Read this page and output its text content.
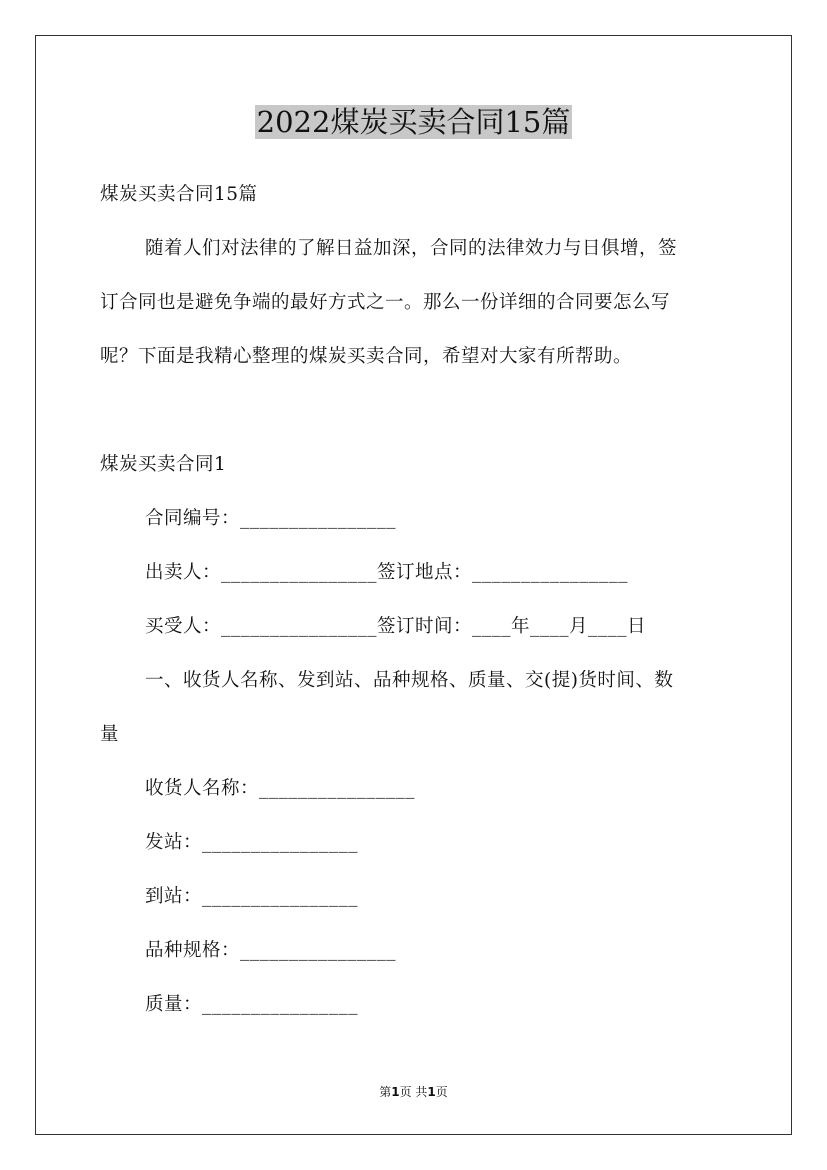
2022煤炭买卖合同15篇
煤炭买卖合同15篇
随着人们对法律的了解日益加深，合同的法律效力与日俱增，签
订合同也是避免争端的最好方式之一。那么一份详细的合同要怎么写
呢？下面是我精心整理的煤炭买卖合同，希望对大家有所帮助。
煤炭买卖合同1
合同编号：________________
出卖人：________________签订地点：________________
买受人：________________签订时间：____年____月____日
一、收货人名称、发到站、品种规格、质量、交(提)货时间、数
量
收货人名称：________________
发站：________________
到站：________________
品种规格：________________
质量：________________
第1页 共1页
